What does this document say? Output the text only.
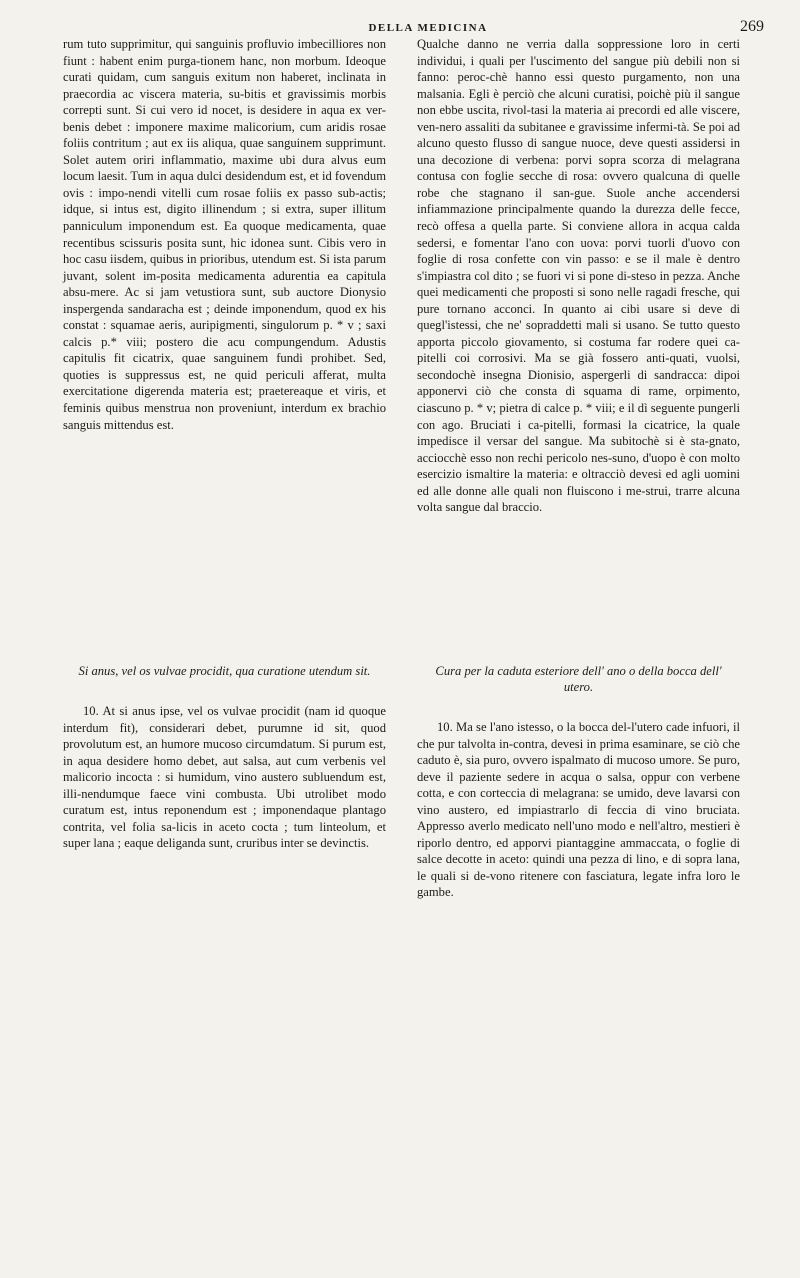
DELLA MEDICINA	269

rum tuto supprimitur, qui sanguinis profluvio imbecilliores non fiunt : habent enim purga-tionem hanc, non morbum. Ideoque curati quidam, cum sanguis exitum non haberet, inclinata in praecordia ac viscera materia, su-bitis et gravissimis morbis correpti sunt. Si cui vero id nocet, is desidere in aqua ex ver-benis debet : imponere maxime malicorium, cum aridis rosae foliis contritum ; aut ex iis aliqua, quae sanguinem supprimunt. Solet autem oriri inflammatio, maxime ubi dura alvus eum locum laesit. Tum in aqua dulci desidendum est, et id fovendum ovis : impo-nendi vitelli cum rosae foliis ex passo sub-actis; idque, si intus est, digito illinendum ; si extra, super illitum panniculum imponendum est. Ea quoque medicamenta, quae recentibus scissuris posita sunt, hic idonea sunt. Cibis vero in hoc casu iisdem, quibus in prioribus, utendum est. Si ista parum juvant, solent im-posita medicamenta adurentia ea capitula absu-mere. Ac si jam vetustiora sunt, sub auctore Dionysio inspergenda sandaracha est ; deinde imponendum, quod ex his constat : squamae aeris, auripigmenti, singulorum p. * v ; saxi calcis p.* viii; postero die acu compungendum. Adustis capitulis fit cicatrix, quae sanguinem fundi prohibet. Sed, quoties is suppressus est, ne quid periculi afferat, multa exercitatione digerenda materia est; praetereaque et viris, et feminis quibus menstrua non proveniunt, interdum ex brachio sanguis mittendus est.

Qualche danno ne verria dalla soppressione loro in certi individui, i quali per l'uscimento del sangue più debili non si fanno: peroc-chè hanno essi questo purgamento, non una malsania. Egli è perciò che alcuni curatisi, poichè più il sangue non ebbe uscita, rivol-tasi la materia ai precordi ed alle viscere, ven-nero assaliti da subitanee e gravissime infermi-tà. Se poi ad alcuno questo flusso di sangue nuoce, deve questi assidersi in una decozione di verbena: porvi sopra scorza di melagrana contusa con foglie secche di rosa: ovvero qualcuna di quelle robe che stagnano il san-gue. Suole anche accendersi infiammazione principalmente quando la durezza delle fecce, recò offesa a quella parte. Si conviene allora in acqua calda sedersi, e fomentar l'ano con uova: porvi tuorli d'uovo con foglie di rosa confette con vin passo: e se il male è dentro s'impiastra col dito ; se fuori vi si pone di-steso in pezza. Anche quei medicamenti che proposti si sono nelle ragadi fresche, qui pure tornano acconci. In quanto ai cibi usare si deve di quegl'istessi, che ne' sopraddetti mali si usano. Se tutto questo apporta piccolo giovamento, si costuma far rodere quei ca-pitelli coi corrosivi. Ma se già fossero anti-quati, vuolsi, secondochè insegna Dionisio, aspergerli di sandracca: dipoi apponervi ciò che consta di squama di rame, orpimento, ciascuno p. * v; pietra di calce p. * viii; e il dì seguente pungerli con ago. Bruciati i ca-pitelli, formasi la cicatrice, la quale impedisce il versar del sangue. Ma subitochè si è sta-gnato, acciocchè esso non rechi pericolo nes-suno, d'uopo è con molto esercizio ismaltire la materia: e oltracciò devesi ed agli uomini ed alle donne alle quali non fluiscono i me-strui, trarre alcuna volta sangue dal braccio.

Si anus, vel os vulvae procidit, qua curatione utendum sit.

10. At si anus ipse, vel os vulvae procidit (nam id quoque interdum fit), considerari debet, purumne id sit, quod provolutum est, an humore mucoso circumdatum. Si purum est, in aqua desidere homo debet, aut salsa, aut cum verbenis vel malicorio incocta : si humidum, vino austero subluendum est, illi-nendumque faece vini combusta. Ubi utrolibet modo curatum est, intus reponendum est ; imponendaque plantago contrita, vel folia sa-licis in aceto cocta ; tum linteolum, et super lana ; eaque deliganda sunt, cruribus inter se devinctis.

Cura per la caduta esteriore dell' ano o della bocca dell' utero.

10. Ma se l'ano istesso, o la bocca del-l'utero cade infuori, il che pur talvolta in-contra, devesi in prima esaminare, se ciò che caduto è, sia puro, ovvero ispalmato di mucoso umore. Se puro, deve il paziente sedere in acqua o salsa, oppur con verbene cotta, e con corteccia di melagrana: se umido, deve lavarsi con vino austero, ed impiastrarlo di feccia di vino bruciata. Appresso averlo medicato nell'uno modo e nell'altro, mestieri è riporlo dentro, ed apporvi piantaggine ammaccata, o foglie di salce decotte in aceto: quindi una pezza di lino, e di sopra lana, le quali si de-vono ritenere con fasciatura, legate infra loro le gambe.
